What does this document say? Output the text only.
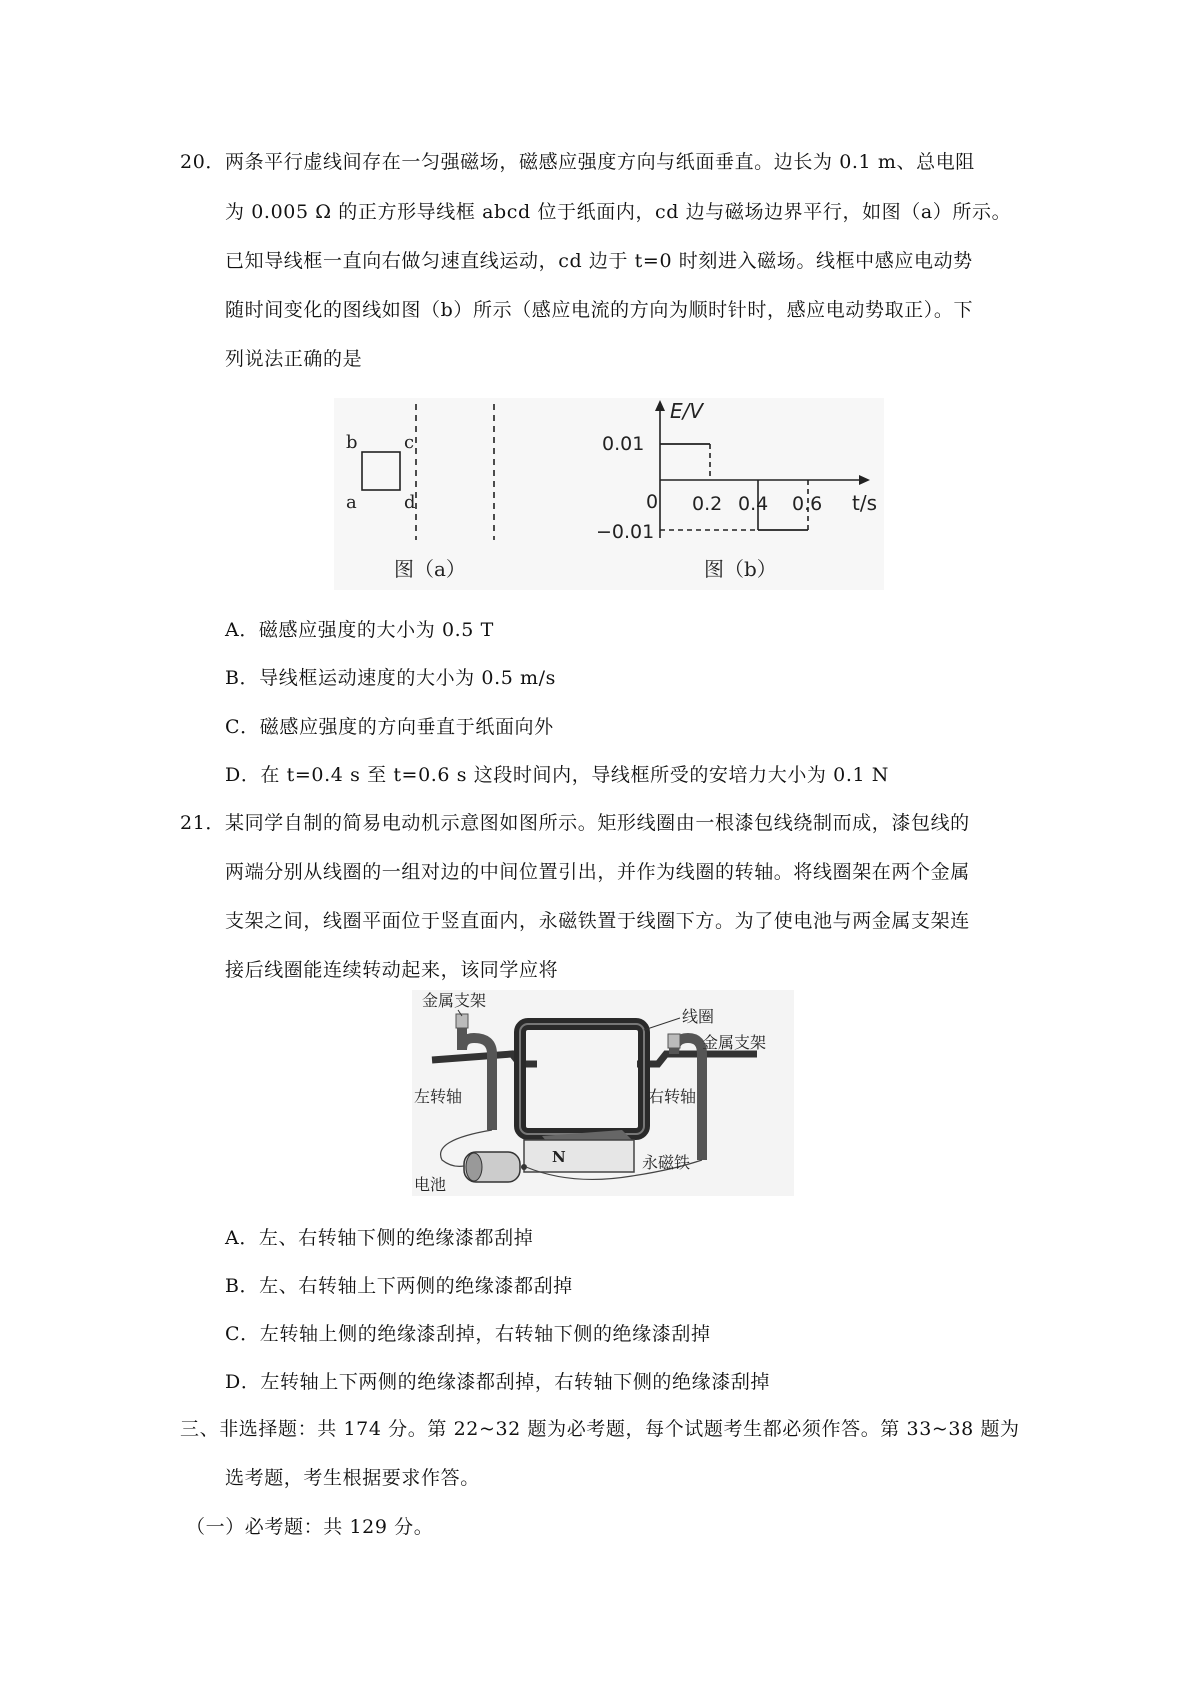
20．两条平行虚线间存在一匀强磁场，磁感应强度方向与纸面垂直。边长为 0.1 m、总电阻
为 0.005 Ω 的正方形导线框 abcd 位于纸面内，cd 边与磁场边界平行，如图（a）所示。
已知导线框一直向右做匀速直线运动，cd 边于 t=0 时刻进入磁场。线框中感应电动势
随时间变化的图线如图（b）所示（感应电流的方向为顺时针时，感应电动势取正）。下
列说法正确的是
b	c
a	d
图（a）
E/V
t/s
0.01
−0.01
0 0.2 0.4 0.6
图（b）
A．磁感应强度的大小为 0.5 T
B．导线框运动速度的大小为 0.5 m/s
C．磁感应强度的方向垂直于纸面向外
D．在 t=0.4 s 至 t=0.6 s 这段时间内，导线框所受的安培力大小为 0.1 N
21．某同学自制的简易电动机示意图如图所示。矩形线圈由一根漆包线绕制而成，漆包线的
两端分别从线圈的一组对边的中间位置引出，并作为线圈的转轴。将线圈架在两个金属
支架之间，线圈平面位于竖直面内，永磁铁置于线圈下方。为了使电池与两金属支架连
接后线圈能连续转动起来，该同学应将
N
金属支架
线圈
金属支架
左转轴	右转轴
永磁铁
电池
A．左、右转轴下侧的绝缘漆都刮掉
B．左、右转轴上下两侧的绝缘漆都刮掉
C．左转轴上侧的绝缘漆刮掉，右转轴下侧的绝缘漆刮掉
D．左转轴上下两侧的绝缘漆都刮掉，右转轴下侧的绝缘漆刮掉
三、非选择题：共 174 分。第 22~32 题为必考题，每个试题考生都必须作答。第 33~38 题为
选考题，考生根据要求作答。
（一）必考题：共 129 分。
